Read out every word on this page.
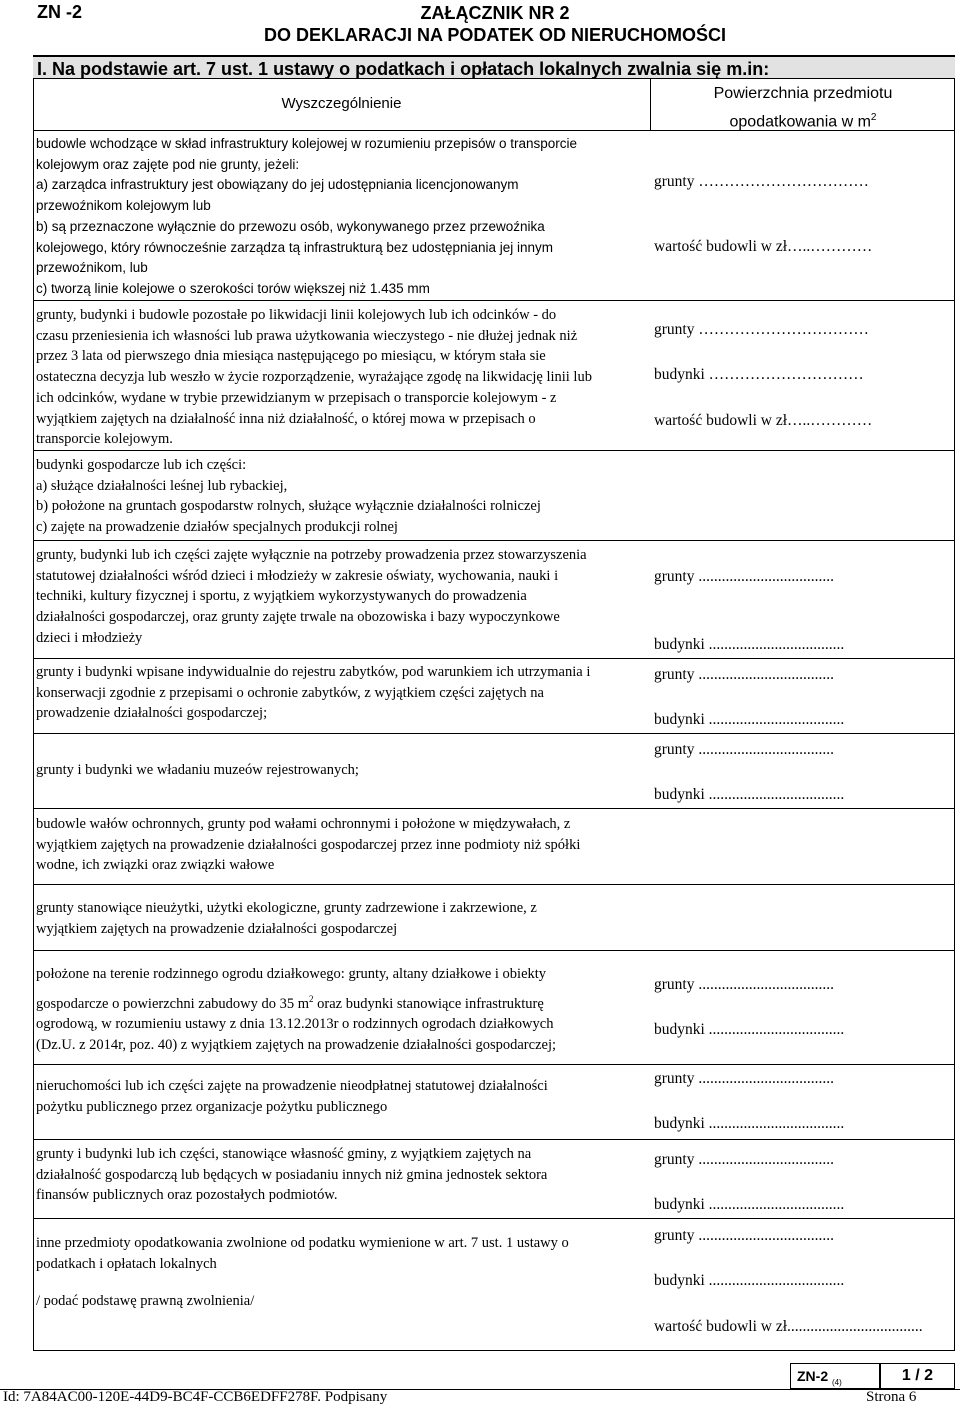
ZN -2	ZAŁĄCZNIK NR 2
DO DEKLARACJI NA PODATEK OD NIERUCHOMOŚCI
I. Na podstawie art. 7 ust. 1 ustawy o podatkach i opłatach lokalnych zwalnia się m.in:
Wyszczególnienie
Powierzchnia przedmiotu
opodatkowania w $m^2$
budowle wchodzące w skład infrastruktury kolejowej w rozumieniu przepisów o transporcie
kolejowym oraz zajęte pod nie grunty, jeżeli:
a) zarządca infrastruktury jest obowiązany do jej udostępniania licencjonowanym
przewoźnikom kolejowym lub
b) są przeznaczone wyłącznie do przewozu osób, wykonywanego przez przewoźnika
kolejowego, który równocześnie zarządza tą infrastrukturą bez udostępniania jej innym
przewoźnikom, lub
c) tworzą linie kolejowe o szerokości torów większej niż 1.435 mm
grunty ……………………………
wartość budowli w zł…..…………
grunty, budynki i budowle pozostałe po likwidacji linii kolejowych lub ich odcinków - do
czasu przeniesienia ich własności lub prawa użytkowania wieczystego - nie dłużej jednak niż
przez 3 lata od pierwszego dnia miesiąca następującego po miesiącu, w którym stała sie
ostateczna decyzja lub weszło w życie rozporządzenie, wyrażające zgodę na likwidację linii lub
ich odcinków, wydane w trybie przewidzianym w przepisach o transporcie kolejowym - z
wyjątkiem zajętych na działalność inna niż działalność, o której mowa w przepisach o
transporcie kolejowym.
grunty ……………………………
budynki …………………………
wartość budowli w zł…..…………
budynki gospodarcze lub ich części:
a) służące działalności leśnej lub rybackiej,
b) położone na gruntach gospodarstw rolnych, służące wyłącznie działalności rolniczej
c) zajęte na prowadzenie działów specjalnych produkcji rolnej
grunty, budynki lub ich części zajęte wyłącznie na potrzeby prowadzenia przez stowarzyszenia
statutowej działalności wśród dzieci i młodzieży w zakresie oświaty, wychowania, nauki i
techniki, kultury fizycznej i sportu, z wyjątkiem wykorzystywanych do prowadzenia
działalności gospodarczej, oraz grunty zajęte trwale na obozowiska i bazy wypoczynkowe
dzieci i młodzieży
grunty ...................................
budynki ...................................
grunty i budynki wpisane indywidualnie do rejestru zabytków, pod warunkiem ich utrzymania i
konserwacji zgodnie z przepisami o ochronie zabytków, z wyjątkiem części zajętych na
prowadzenie działalności gospodarczej;
grunty ...................................
budynki ...................................
grunty i budynki we władaniu muzeów rejestrowanych;
grunty ...................................
budynki ...................................
budowle wałów ochronnych, grunty pod wałami ochronnymi i położone w międzywałach, z
wyjątkiem zajętych na prowadzenie działalności gospodarczej przez inne podmioty niż spółki
wodne, ich związki oraz związki wałowe
grunty stanowiące nieużytki, użytki ekologiczne, grunty zadrzewione i zakrzewione, z
wyjątkiem zajętych na prowadzenie działalności gospodarczej
położone na terenie rodzinnego ogrodu działkowego: grunty, altany działkowe i obiekty
gospodarcze o powierzchni zabudowy do 35 $m^2$ oraz budynki stanowiące infrastrukturę
ogrodową, w rozumieniu ustawy z dnia 13.12.2013r o rodzinnych ogrodach działkowych
(Dz.U. z 2014r, poz. 40) z wyjątkiem zajętych na prowadzenie działalności gospodarczej;
grunty ...................................
budynki ...................................
nieruchomości lub ich części zajęte na prowadzenie nieodpłatnej statutowej działalności
pożytku publicznego przez organizacje pożytku publicznego
grunty ...................................
budynki ...................................
grunty i budynki lub ich części, stanowiące własność gminy, z wyjątkiem zajętych na
działalność gospodarczą lub będących w posiadaniu innych niż gmina jednostek sektora
finansów publicznych oraz pozostałych podmiotów.
grunty ...................................
budynki ...................................
inne przedmioty opodatkowania zwolnione od podatku wymienione w art. 7 ust. 1 ustawy o
podatkach i opłatach lokalnych
/ podać podstawę prawną zwolnienia/
grunty ...................................
budynki ...................................
wartość budowli w zł...................................
ZN-2 $_{(4)}$	1 / 2
Id: 7A84AC00-120E-44D9-BC4F-CCB6EDFF278F. Podpisany	Strona 6
